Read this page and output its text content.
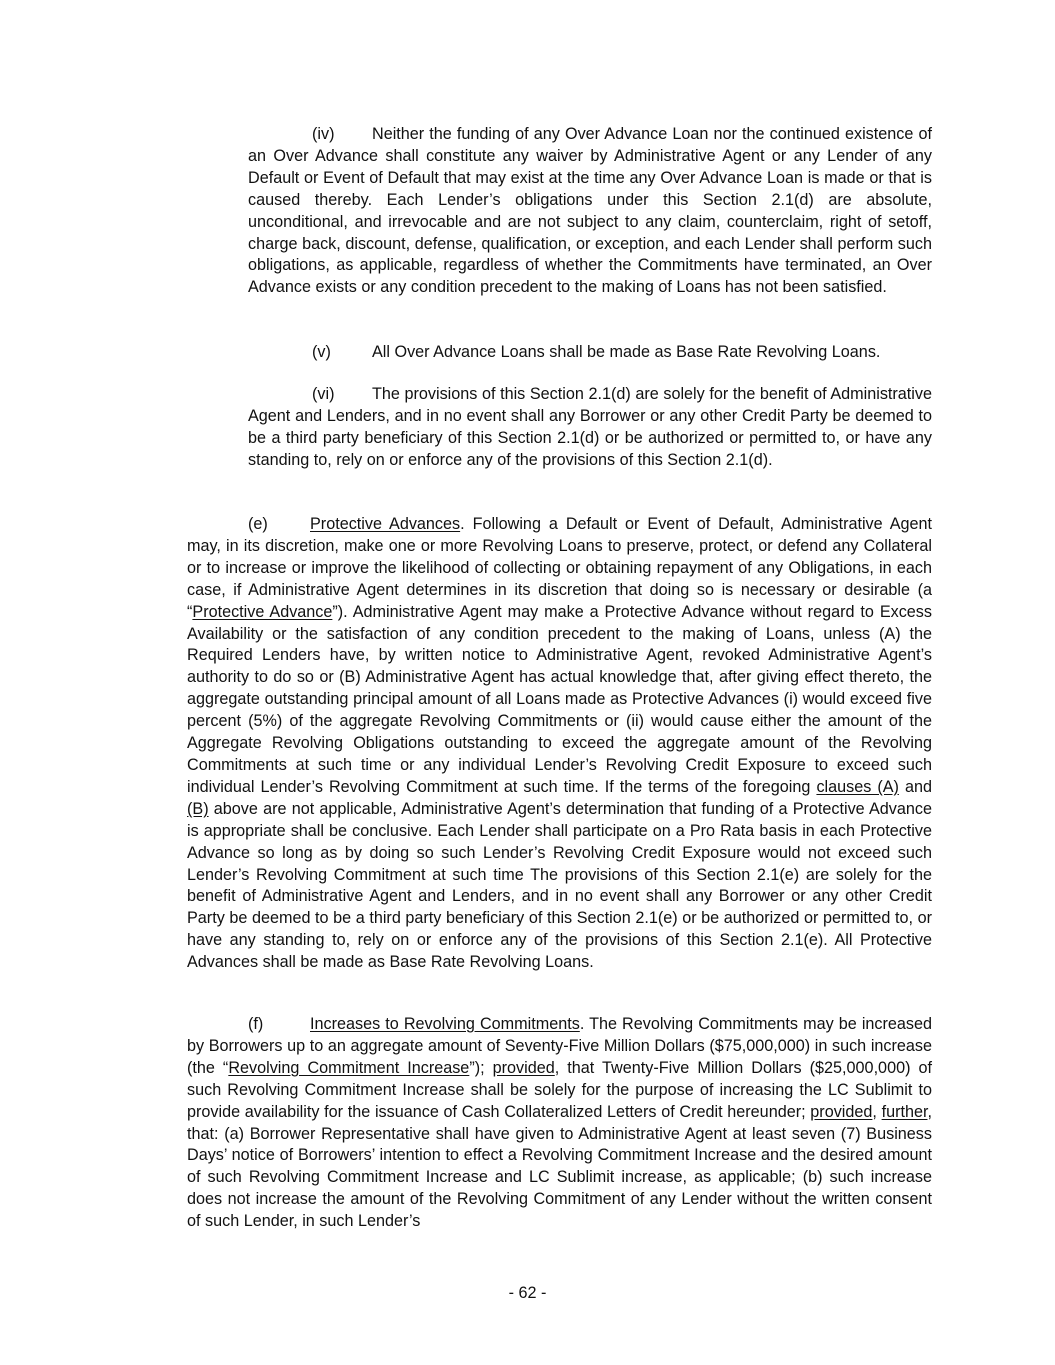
(iv) Neither the funding of any Over Advance Loan nor the continued existence of an Over Advance shall constitute any waiver by Administrative Agent or any Lender of any Default or Event of Default that may exist at the time any Over Advance Loan is made or that is caused thereby. Each Lender’s obligations under this Section 2.1(d) are absolute, unconditional, and irrevocable and are not subject to any claim, counterclaim, right of setoff, charge back, discount, defense, qualification, or exception, and each Lender shall perform such obligations, as applicable, regardless of whether the Commitments have terminated, an Over Advance exists or any condition precedent to the making of Loans has not been satisfied.

(v)	All Over Advance Loans shall be made as Base Rate Revolving Loans.

(vi) The provisions of this Section 2.1(d) are solely for the benefit of Administrative Agent and Lenders, and in no event shall any Borrower or any other Credit Party be deemed to be a third party beneficiary of this Section 2.1(d) or be authorized or permitted to, or have any standing to, rely on or enforce any of the provisions of this Section 2.1(d).

(e)	Protective Advances. Following a Default or Event of Default, Administrative Agent may, in its discretion, make one or more Revolving Loans to preserve, protect, or defend any Collateral or to increase or improve the likelihood of collecting or obtaining repayment of any Obligations, in each case, if Administrative Agent determines in its discretion that doing so is necessary or desirable (a “Protective Advance”). Administrative Agent may make a Protective Advance without regard to Excess Availability or the satisfaction of any condition precedent to the making of Loans, unless (A) the Required Lenders have, by written notice to Administrative Agent, revoked Administrative Agent’s authority to do so or (B) Administrative Agent has actual knowledge that, after giving effect thereto, the aggregate outstanding principal amount of all Loans made as Protective Advances (i) would exceed five percent (5%) of the aggregate Revolving Commitments or (ii) would cause either the amount of the Aggregate Revolving Obligations outstanding to exceed the aggregate amount of the Revolving Commitments at such time or any individual Lender’s Revolving Credit Exposure to exceed such individual Lender’s Revolving Commitment at such time. If the terms of the foregoing clauses (A) and (B) above are not applicable, Administrative Agent’s determination that funding of a Protective Advance is appropriate shall be conclusive. Each Lender shall participate on a Pro Rata basis in each Protective Advance so long as by doing so such Lender’s Revolving Credit Exposure would not exceed such Lender’s Revolving Commitment at such time The provisions of this Section 2.1(e) are solely for the benefit of Administrative Agent and Lenders, and in no event shall any Borrower or any other Credit Party be deemed to be a third party beneficiary of this Section 2.1(e) or be authorized or permitted to, or have any standing to, rely on or enforce any of the provisions of this Section 2.1(e). All Protective Advances shall be made as Base Rate Revolving Loans.

(f)	Increases to Revolving Commitments. The Revolving Commitments may be increased by Borrowers up to an aggregate amount of Seventy-Five Million Dollars ($75,000,000) in such increase (the “Revolving Commitment Increase”); provided, that Twenty-Five Million Dollars ($25,000,000) of such Revolving Commitment Increase shall be solely for the purpose of increasing the LC Sublimit to provide availability for the issuance of Cash Collateralized Letters of Credit hereunder; provided, further, that: (a) Borrower Representative shall have given to Administrative Agent at least seven (7) Business Days’ notice of Borrowers’ intention to effect a Revolving Commitment Increase and the desired amount of such Revolving Commitment Increase and LC Sublimit increase, as applicable; (b) such increase does not increase the amount of the Revolving Commitment of any Lender without the written consent of such Lender, in such Lender’s

- 62 -
